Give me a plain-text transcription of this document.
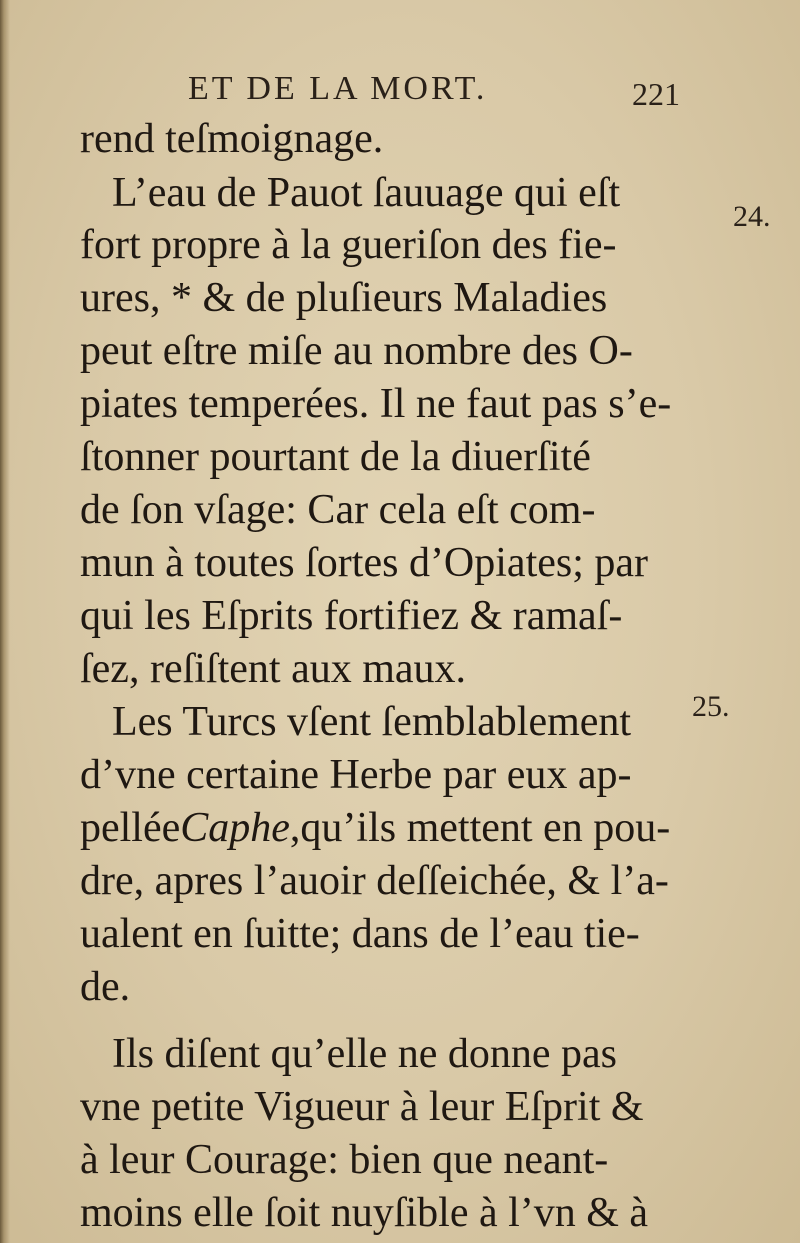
ET DE LA MORT.	221
24.
25.
rend teſmoignage.
L’eau de Pauot ſauuage qui eſt
fort propre à la gueriſon des fie-
ures, * & de pluſieurs Maladies
peut eſtre miſe au nombre des O-
piates temperées. Il ne faut pas s’e-
ſtonner pourtant de la diuerſité
de ſon vſage: Car cela eſt com-
mun à toutes ſortes d’Opiates; par
qui les Eſprits fortifiez & ramaſ-
ſez, reſiſtent aux maux.
Les Turcs vſent ſemblablement
d’vne certaine Herbe par eux ap-
pelléeCaphe,qu’ils mettent en pou-
dre, apres l’auoir deſſeichée, & l’a-
ualent en ſuitte; dans de l’eau tie-
de.
Ils diſent qu’elle ne donne pas
vne petite Vigueur à leur Eſprit &
à leur Courage: bien que neant-
moins elle ſoit nuyſible à l’vn & à
